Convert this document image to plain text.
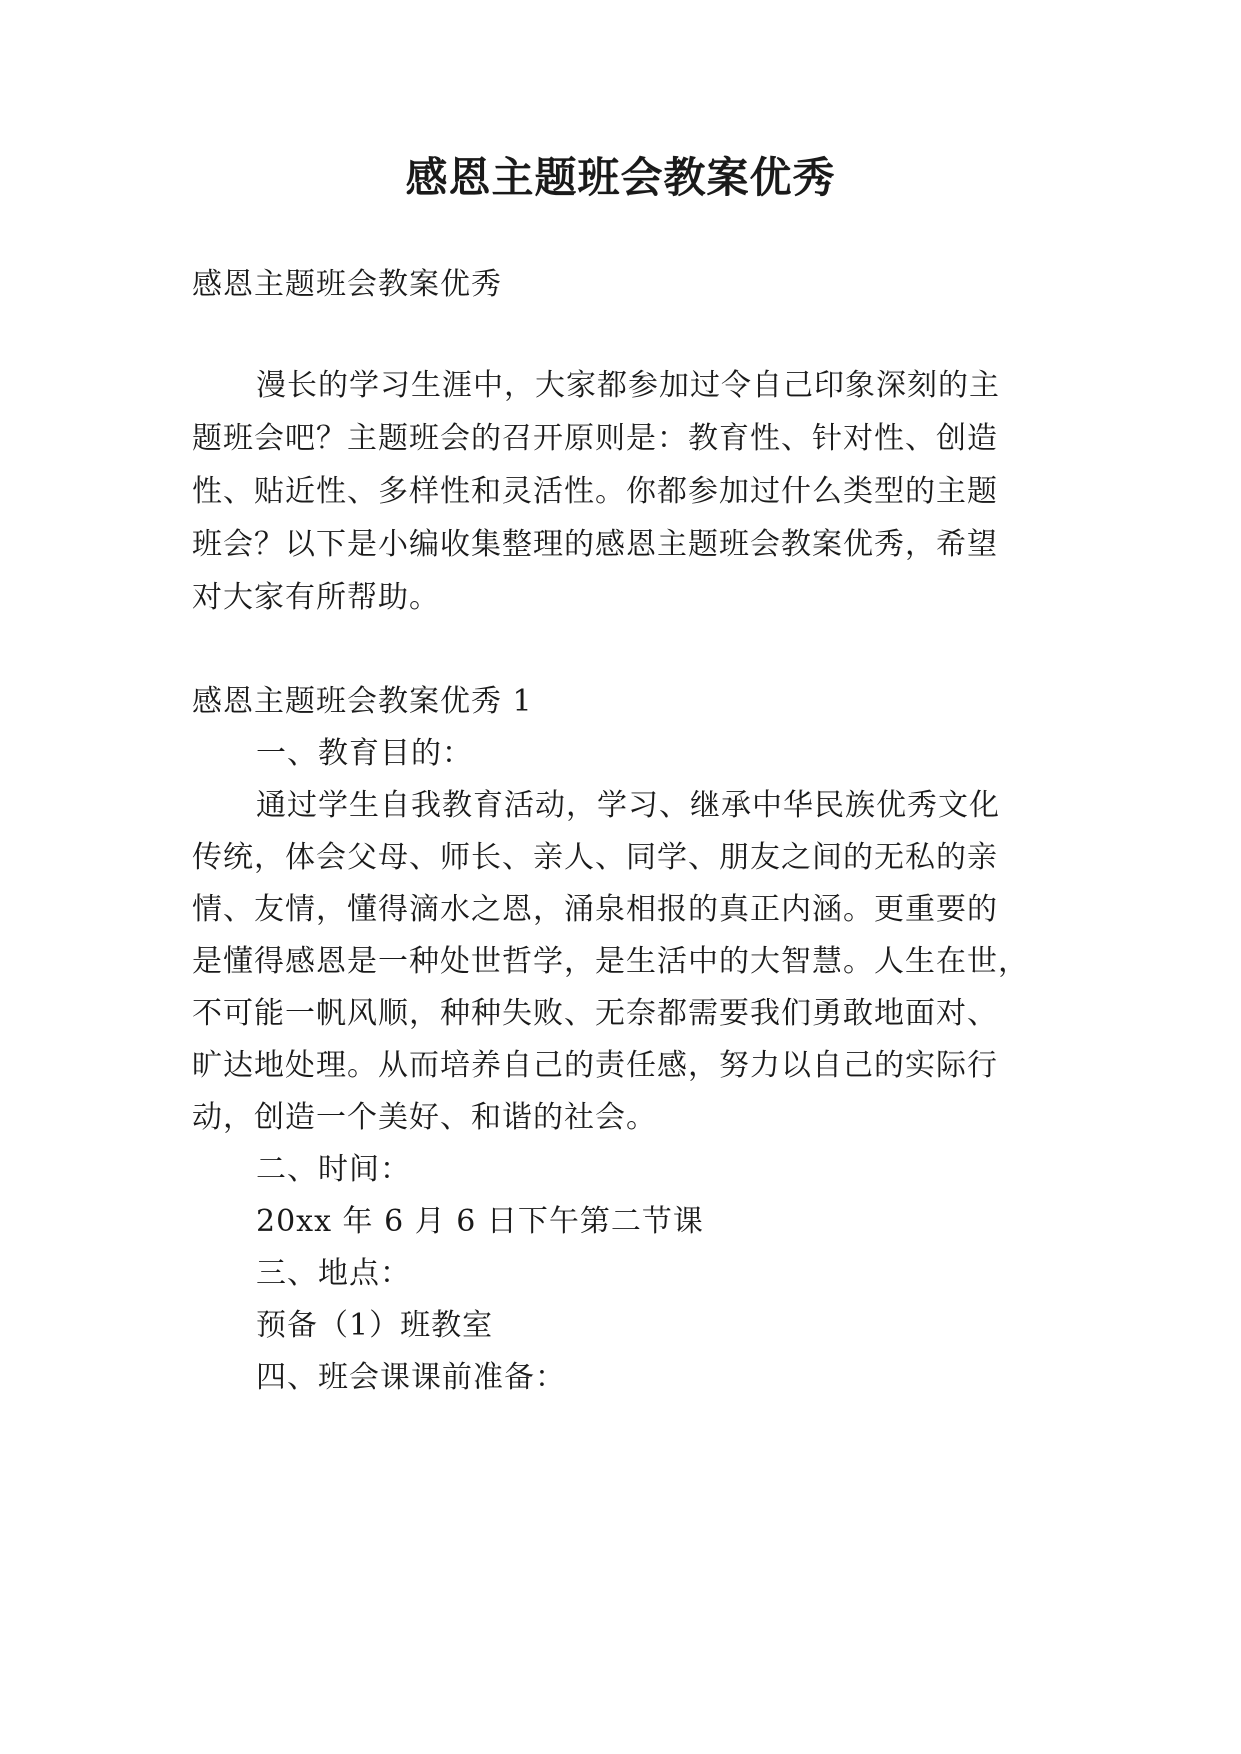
感恩主题班会教案优秀
感恩主题班会教案优秀
漫长的学习生涯中，大家都参加过令自己印象深刻的主
题班会吧？主题班会的召开原则是：教育性、针对性、创造
性、贴近性、多样性和灵活性。你都参加过什么类型的主题
班会？以下是小编收集整理的感恩主题班会教案优秀，希望
对大家有所帮助。
感恩主题班会教案优秀 1
一、教育目的：
通过学生自我教育活动，学习、继承中华民族优秀文化
传统，体会父母、师长、亲人、同学、朋友之间的无私的亲
情、友情，懂得滴水之恩，涌泉相报的真正内涵。更重要的
是懂得感恩是一种处世哲学，是生活中的大智慧。人生在世，
不可能一帆风顺，种种失败、无奈都需要我们勇敢地面对、
旷达地处理。从而培养自己的责任感，努力以自己的实际行
动，创造一个美好、和谐的社会。
二、时间：
20xx 年 6 月 6 日下午第二节课
三、地点：
预备（1）班教室
四、班会课课前准备：
